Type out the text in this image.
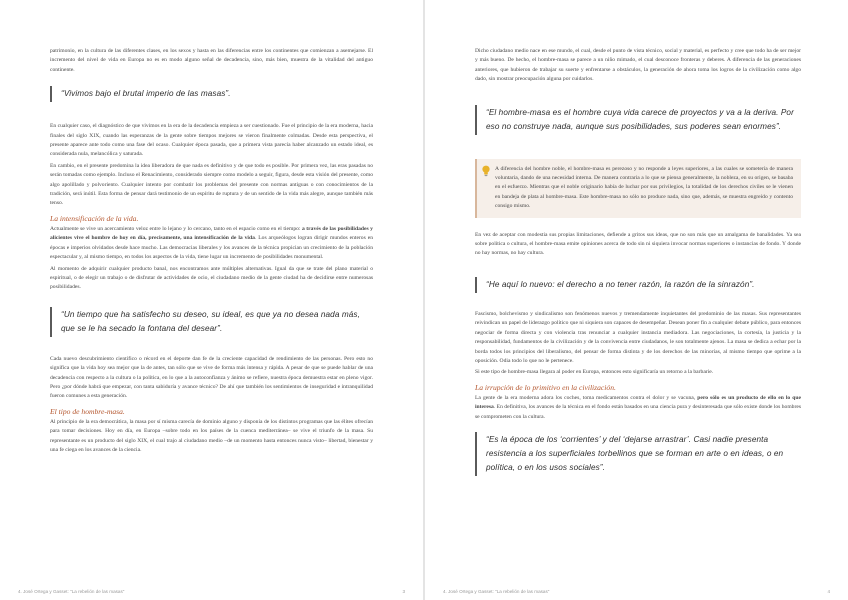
patrimonio, en la cultura de las diferentes clases, en los sexos y hasta en las diferencias entre los continentes que comienzan a asemejarse. El incremento del nivel de vida en Europa no es en modo alguno señal de decadencia, sino, más bien, muestra de la vitalidad del antiguo continente.

“Vivimos bajo el brutal imperio de las masas”.

En cualquier caso, el diagnóstico de que vivimos en la era de la decadencia empieza a ser cuestionado. Fue el principio de la era moderna, hacia finales del siglo XIX, cuando las esperanzas de la gente sobre tiempos mejores se vieron finalmente colmadas. Desde esta perspectiva, el presente aparece ante todo como una fase del ocaso. Cualquier época pasada, que a primera vista parecía haber alcanzado un estado ideal, es considerada nula, melancólica y saturada.

En cambio, en el presente predomina la idea liberadora de que nada es definitivo y de que todo es posible. Por primera vez, las eras pasadas no serán tomadas como ejemplo. Incluso el Renacimiento, considerado siempre como modelo a seguir, figura, desde esta visión del presente, como algo apolillado y polvoriento. Cualquier intento por combatir los problemas del presente con normas antiguas o con conocimientos de la tradición, será inútil. Esta forma de pensar dará testimonio de un espíritu de ruptura y de un sentido de la vida más alegre, aunque también más tenso.

La intensificación de la vida.

Actualmente se vive un acercamiento veloz entre lo lejano y lo cercano, tanto en el espacio como en el tiempo: a través de las posibilidades y alicientes vive el hombre de hoy en día, precisamente, una intensificación de la vida. Los arqueólogos logran dirigir mundos enteros en épocas e imperios olvidados desde hace mucho. Las democracias liberales y los avances de la técnica propician un crecimiento de la población espectacular y, al mismo tiempo, en todos los aspectos de la vida, tiene lugar un incremento de posibilidades monumental.

Al momento de adquirir cualquier producto banal, nos encontramos ante múltiples alternativas. Igual da que se trate del plano material o espiritual, o de elegir un trabajo o de disfrutar de actividades de ocio, el ciudadano medio de la gente ciudad ha de decidirse entre numerosas posibilidades.

“Un tiempo que ha satisfecho su deseo, su ideal, es que ya no desea nada más, que se le ha secado la fontana del desear”.

Cada nuevo descubrimiento científico o récord en el deporte dan fe de la creciente capacidad de rendimiento de las personas. Pero esto no significa que la vida hoy sea mejor que la de antes, tan sólo que se vive de forma más intensa y rápida. A pesar de que se puede hablar de una decadencia con respecto a la cultura o la política, en lo que a la autoconfianza y ánimo se refiere, nuestra época demuestra estar en pleno vigor. Pero ¿por dónde habrá que empezar, con tanta sabiduría y avance técnico? De ahí que también los sentimientos de inseguridad e intranquilidad fueron comunes a esta generación.

El tipo de hombre-masa.

Al principio de la era democrática, la masa por sí misma carecía de dominio alguno y disponía de los distintos programas que las élites ofrecían para tomar decisiones. Hoy en día, en Europa –sobre todo en los países de la cuenca mediterránea– se vive el triunfo de la masa. Su representante es un producto del siglo XIX, el cual trajo al ciudadano medio –de un momento hasta entonces nunca visto– libertad, bienestar y una fe ciega en los avances de la ciencia.

4. José Ortega y Gasset: "La rebelión de las masas"	3

Dicho ciudadano medio nace en ese mundo, el cual, desde el punto de vista técnico, social y material, es perfecto y cree que todo ha de ser mejor y más bueno. De hecho, el hombre-masa se parece a un niño mimado, el cual desconoce fronteras y deberes. A diferencia de las generaciones anteriores, que hubieron de trabajar su suerte y enfrentarse a obstáculos, la generación de ahora toma los logros de la civilización como algo dado, sin mostrar preocupación alguna por cuidarlos.

“El hombre-masa es el hombre cuya vida carece de proyectos y va a la deriva. Por eso no construye nada, aunque sus posibilidades, sus poderes sean enormes”.

A diferencia del hombre noble, el hombre-masa es perezoso y no responde a leyes superiores, a las cuales se sometería de manera voluntaria, dando de una necesidad interna. De manera contraria a lo que se piensa generalmente, la nobleza, en su origen, se basaba en el esfuerzo. Mientras que el noble originario había de luchar por sus privilegios, la totalidad de los derechos civiles se le vienen en bandeja de plata al hombre-masa. Este hombre-masa no sólo no produce nada, sino que, además, se muestra engreído y contento consigo mismo.

En vez de aceptar con modestia sus propias limitaciones, defiende a gritos sus ideas, que no son más que un amalgama de banalidades. Ya sea sobre política o cultura, el hombre-masa emite opiniones acerca de todo sin ni siquiera invocar normas superiores o instancias de fondo. Y donde no hay normas, no hay cultura.

“He aquí lo nuevo: el derecho a no tener razón, la razón de la sinrazón”.

Fascismo, bolchevismo y sindicalismo son fenómenos nuevos y tremendamente inquietantes del predominio de las masas. Sus representantes reivindican un papel de liderazgo político que ni siquiera son capaces de desempeñar. Desean poner fin a cualquier debate público, para entonces negociar de forma directa y con violencia tras renunciar a cualquier instancia mediadora. Las negociaciones, la cortesía, la justicia y la responsabilidad, fundamentos de la civilización y de la convivencia entre ciudadanos, le son totalmente ajenos. La masa se dedica a echar por la borda todos los principios del liberalismo, del pensar de forma distinta y de los derechos de las minorías, al mismo tiempo que oprime a la oposición. Odia todo lo que no le pertenece.

Si este tipo de hombre-masa llegara al poder en Europa, entonces esto significaría un retorno a la barbarie.

La irrupción de lo primitivo en la civilización.

La gente de la era moderna adora los coches, toma medicamentos contra el dolor y se vacuna, pero sólo es un producto de ello en lo que interesa. En definitiva, los avances de la técnica en el fondo están basados en una ciencia pura y desinteresada que sólo existe donde los hombres se comprometen con la cultura.

“Es la época de los ‘corrientes’ y del ‘dejarse arrastrar’. Casi nadie presenta resistencia a los superficiales torbellinos que se forman en arte o en ideas, o en política, o en los usos sociales”.
4. José Ortega y Gasset: "La rebelión de las masas"	4
